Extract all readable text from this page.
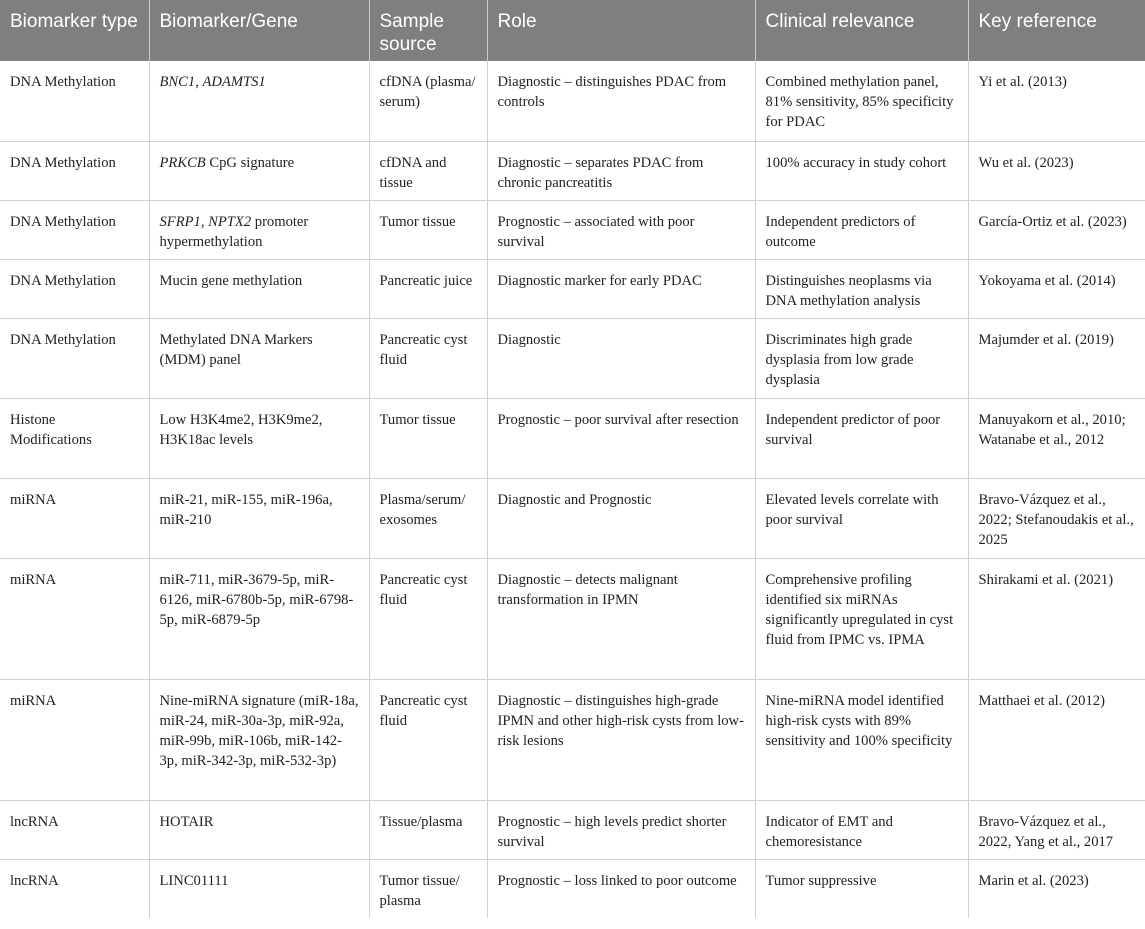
Biomarker type	Biomarker/Gene	Sample source	Role	Clinical relevance	Key reference
DNA Methylation	BNC1, ADAMTS1	cfDNA (plasma/ serum)	Diagnostic – distinguishes PDAC from controls	Combined methylation panel, 81% sensitivity, 85% specificity for PDAC	Yi et al. (2013)
DNA Methylation	PRKCB CpG signature	cfDNA and tissue	Diagnostic – separates PDAC from chronic pancreatitis	100% accuracy in study cohort	Wu et al. (2023)
DNA Methylation	SFRP1, NPTX2 promoter hypermethylation	Tumor tissue	Prognostic – associated with poor survival	Independent predictors of outcome	García-Ortiz et al. (2023)
DNA Methylation	Mucin gene methylation	Pancreatic juice	Diagnostic marker for early PDAC	Distinguishes neoplasms via DNA methylation analysis	Yokoyama et al. (2014)
DNA Methylation	Methylated DNA Markers (MDM) panel	Pancreatic cyst fluid	Diagnostic	Discriminates high grade dysplasia from low grade dysplasia	Majumder et al. (2019)
Histone Modifications	Low H3K4me2, H3K9me2, H3K18ac levels	Tumor tissue	Prognostic – poor survival after resection	Independent predictor of poor survival	Manuyakorn et al., 2010; Watanabe et al., 2012
miRNA	miR-21, miR-155, miR-196a, miR-210	Plasma/serum/ exosomes	Diagnostic and Prognostic	Elevated levels correlate with poor survival	Bravo-Vázquez et al., 2022; Stefanoudakis et al., 2025
miRNA	miR-711, miR-3679-5p, miR-6126, miR-6780b-5p, miR-6798-5p, miR-6879-5p	Pancreatic cyst fluid	Diagnostic – detects malignant transformation in IPMN	Comprehensive profiling identified six miRNAs significantly upregulated in cyst fluid from IPMC vs. IPMA	Shirakami et al. (2021)
miRNA	Nine-miRNA signature (miR-18a, miR-24, miR-30a-3p, miR-92a, miR-99b, miR-106b, miR-142-3p, miR-342-3p, miR-532-3p)	Pancreatic cyst fluid	Diagnostic – distinguishes high-grade IPMN and other high-risk cysts from low-risk lesions	Nine-miRNA model identified high-risk cysts with 89% sensitivity and 100% specificity	Matthaei et al. (2012)
lncRNA	HOTAIR	Tissue/plasma	Prognostic – high levels predict shorter survival	Indicator of EMT and chemoresistance	Bravo-Vázquez et al., 2022, Yang et al., 2017
lncRNA	LINC01111	Tumor tissue/ plasma	Prognostic – loss linked to poor outcome	Tumor suppressive	Marin et al. (2023)
